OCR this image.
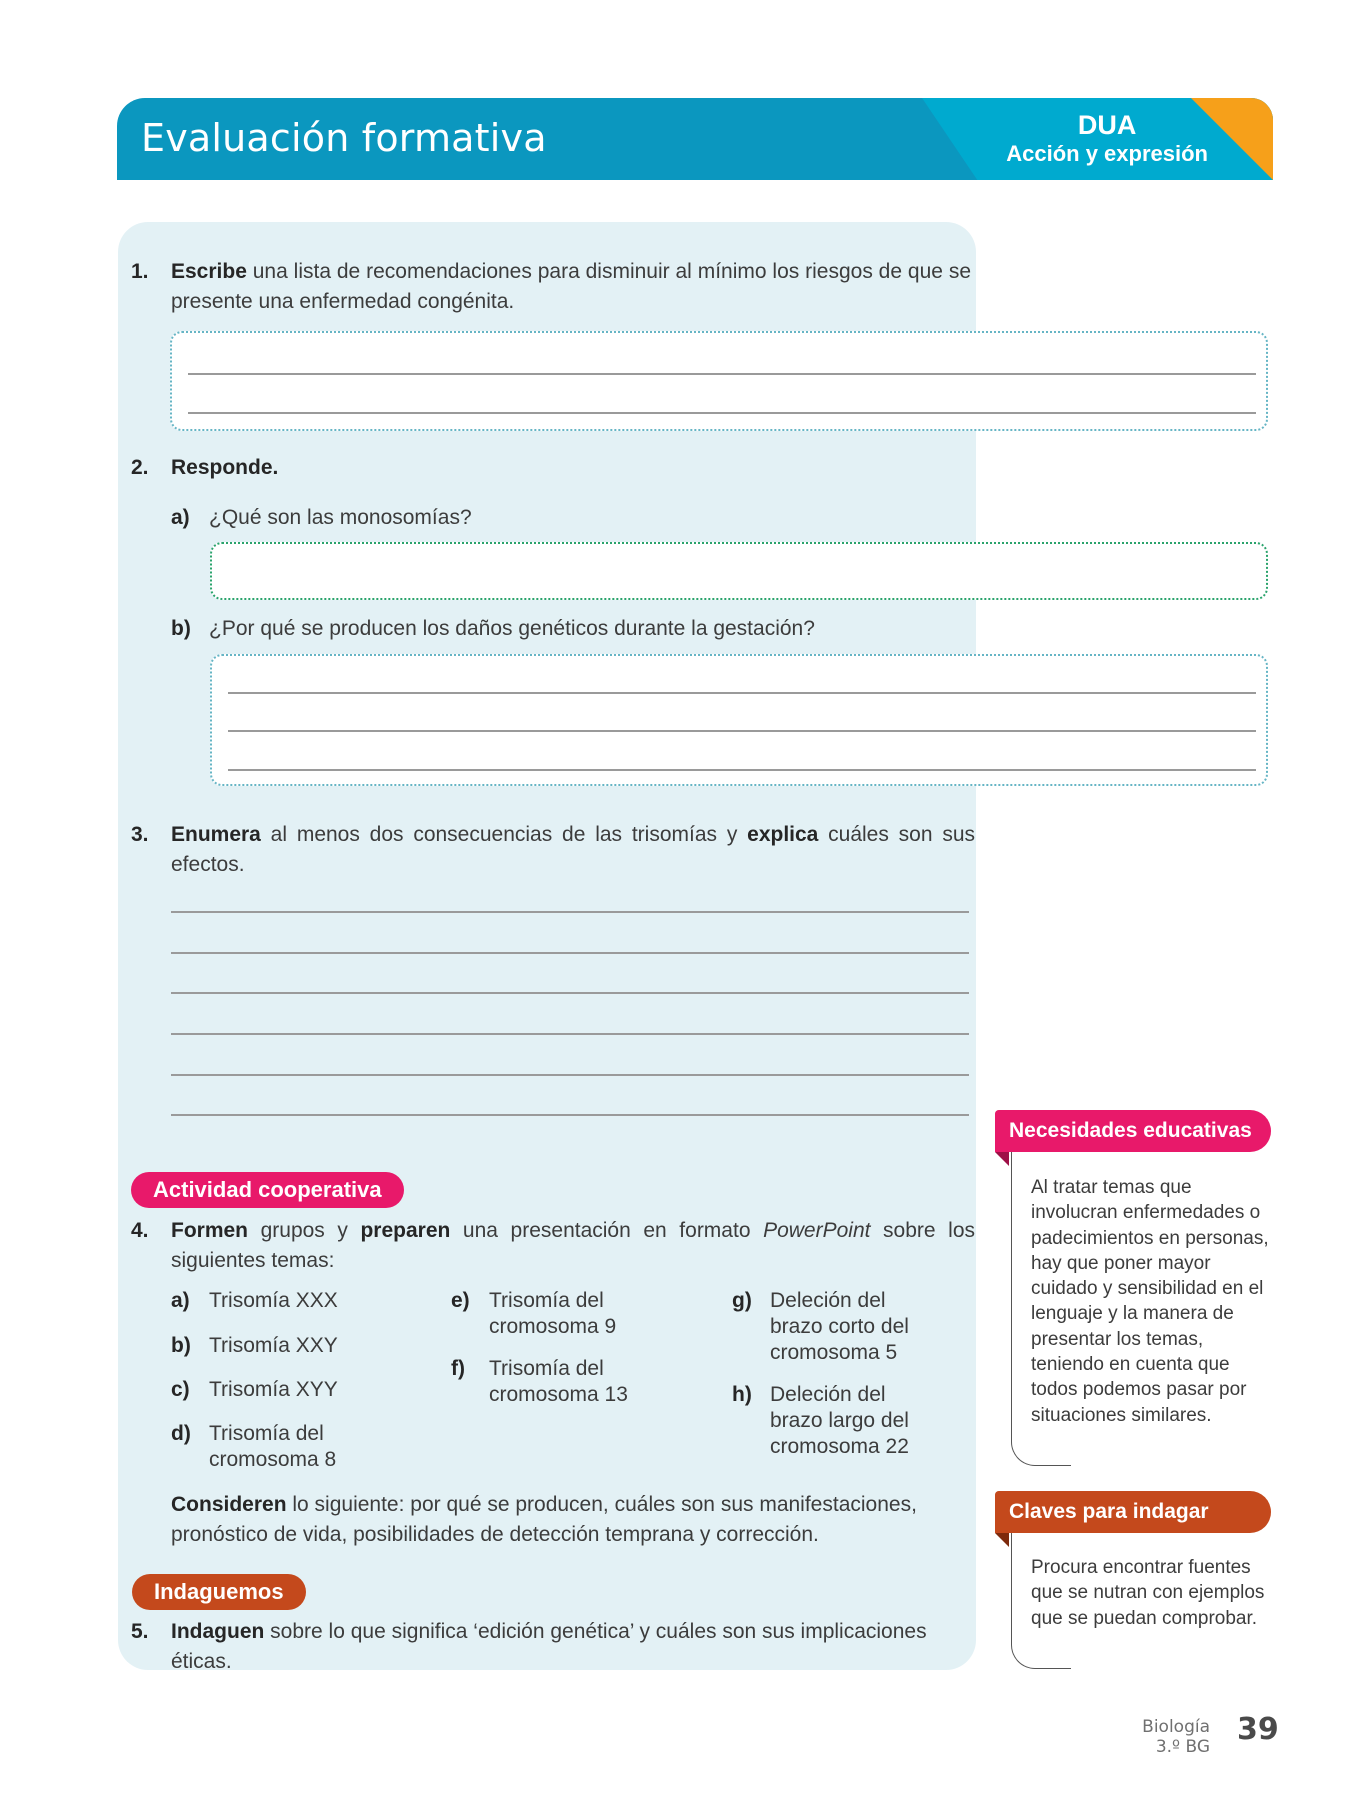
Evaluación formativa	DUA
Acción y expresión
1.	Escribe una lista de recomendaciones para disminuir al mínimo los riesgos de que se presente una enfermedad congénita.
2.	Responde.
a) ¿Qué son las monosomías?
b) ¿Por qué se producen los daños genéticos durante la gestación?
3.	Enumera al menos dos consecuencias de las trisomías y explica cuáles son sus efectos.
Actividad cooperativa
4.	Formen grupos y preparen una presentación en formato PowerPoint sobre los siguientes temas:
a) Trisomía XXX
b) Trisomía XXY
c) Trisomía XYY
d) Trisomía del cromosoma 8
e) Trisomía del cromosoma 9
f)	Trisomía del cromosoma 13
g) Deleción del brazo corto del cromosoma 5
h) Deleción del brazo largo del cromosoma 22
Consideren lo siguiente: por qué se producen, cuáles son sus manifestaciones, pronóstico de vida, posibilidades de detección temprana y corrección.
Indaguemos
5.	Indaguen sobre lo que significa ‘edición genética’ y cuáles son sus implicaciones éticas.
Necesidades educativas
Al tratar temas que involucran enfermedades o padecimientos en personas, hay que poner mayor cuidado y sensibilidad en el lenguaje y la manera de presentar los temas, teniendo en cuenta que todos podemos pasar por situaciones similares.
Claves para indagar
Procura encontrar fuentes que se nutran con ejemplos que se puedan comprobar.
Biología
3.º BG 39
